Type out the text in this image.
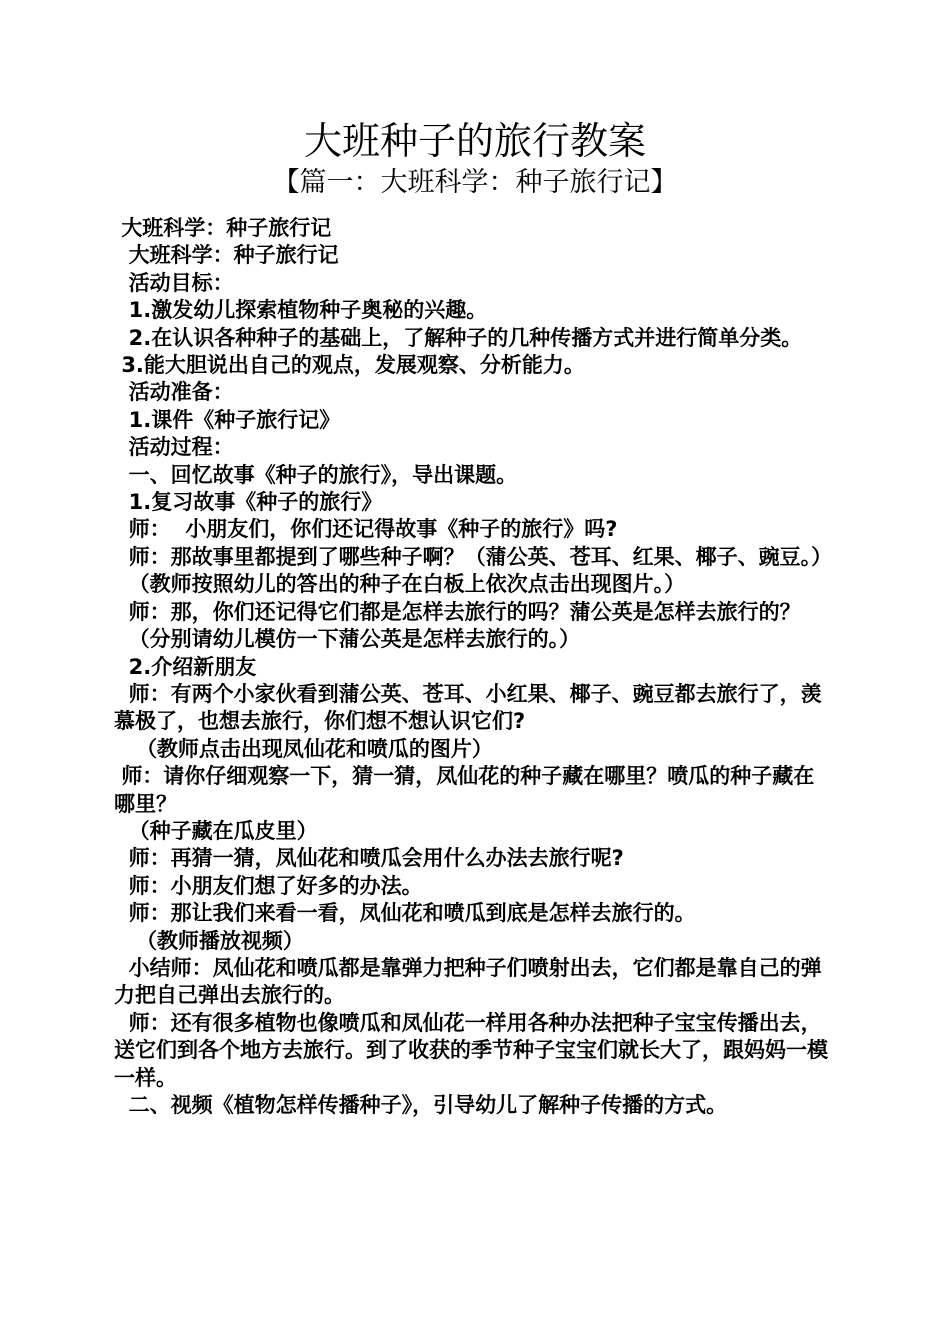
大班种子的旅行教案
【篇一：大班科学：种子旅行记】

大班科学：种子旅行记

大班科学：种子旅行记

活动目标：

1.激发幼儿探索植物种子奥秘的兴趣。

2.在认识各种种子的基础上，了解种子的几种传播方式并进行简单分类。

3.能大胆说出自己的观点，发展观察、分析能力。

活动准备：

1.课件《种子旅行记》

活动过程：

一、回忆故事《种子的旅行》，导出课题。

1.复习故事《种子的旅行》

师：  小朋友们，你们还记得故事《种子的旅行》吗?

师：那故事里都提到了哪些种子啊？（蒲公英、苍耳、红果、椰子、豌豆。）

（教师按照幼儿的答出的种子在白板上依次点击出现图片。）

师：那，你们还记得它们都是怎样去旅行的吗？蒲公英是怎样去旅行的？

（分别请幼儿模仿一下蒲公英是怎样去旅行的。）

2.介绍新朋友

师：有两个小家伙看到蒲公英、苍耳、小红果、椰子、豌豆都去旅行了，羡慕极了，也想去旅行，你们想不想认识它们?

（教师点击出现凤仙花和喷瓜的图片）

师：请你仔细观察一下，猜一猜，凤仙花的种子藏在哪里？喷瓜的种子藏在哪里？

（种子藏在瓜皮里）

师：再猜一猜，凤仙花和喷瓜会用什么办法去旅行呢?

师：小朋友们想了好多的办法。

师：那让我们来看一看，凤仙花和喷瓜到底是怎样去旅行的。

（教师播放视频）

小结师：凤仙花和喷瓜都是靠弹力把种子们喷射出去，它们都是靠自己的弹力把自己弹出去旅行的。

师：还有很多植物也像喷瓜和凤仙花一样用各种办法把种子宝宝传播出去，送它们到各个地方去旅行。到了收获的季节种子宝宝们就长大了，跟妈妈一模一样。

二、视频《植物怎样传播种子》，引导幼儿了解种子传播的方式。
